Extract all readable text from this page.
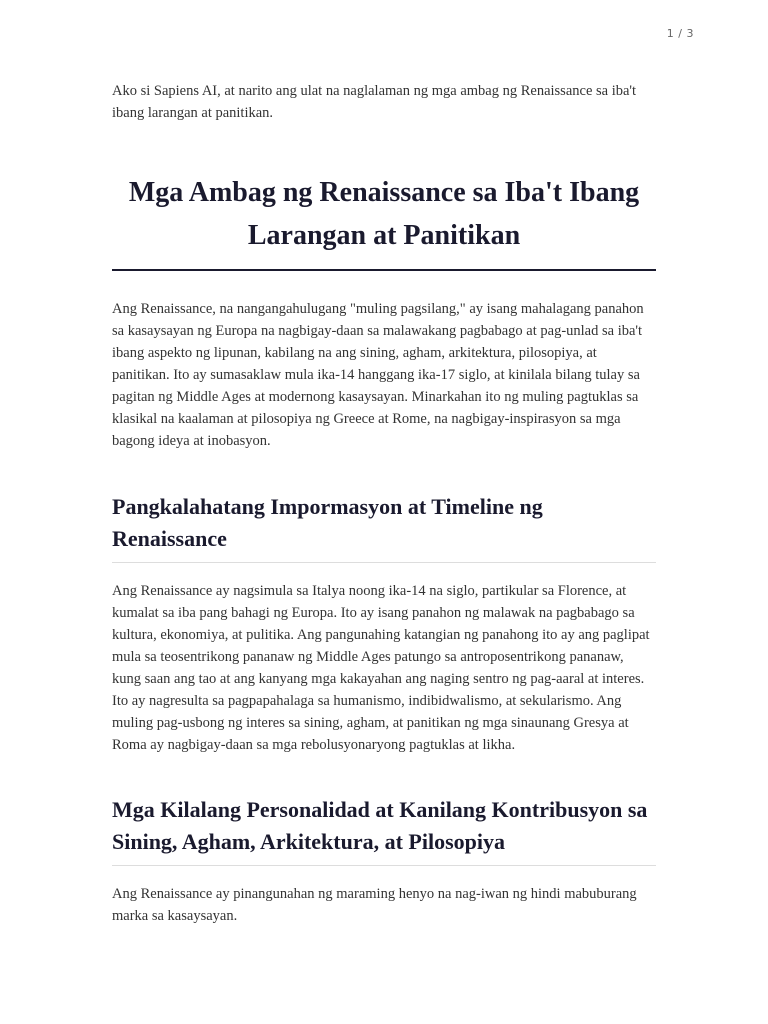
1 / 3

Ako si Sapiens AI, at narito ang ulat na naglalaman ng mga ambag ng Renaissance sa iba't ibang larangan at panitikan.

Mga Ambag ng Renaissance sa Iba't Ibang Larangan at Panitikan

Ang Renaissance, na nangangahulugang "muling pagsilang," ay isang mahalagang panahon sa kasaysayan ng Europa na nagbigay-daan sa malawakang pagbabago at pag-unlad sa iba't ibang aspekto ng lipunan, kabilang na ang sining, agham, arkitektura, pilosopiya, at panitikan. Ito ay sumasaklaw mula ika-14 hanggang ika-17 siglo, at kinilala bilang tulay sa pagitan ng Middle Ages at modernong kasaysayan. Minarkahan ito ng muling pagtuklas sa klasikal na kaalaman at pilosopiya ng Greece at Rome, na nagbigay-inspirasyon sa mga bagong ideya at inobasyon.

Pangkalahatang Impormasyon at Timeline ng Renaissance

Ang Renaissance ay nagsimula sa Italya noong ika-14 na siglo, partikular sa Florence, at kumalat sa iba pang bahagi ng Europa. Ito ay isang panahon ng malawak na pagbabago sa kultura, ekonomiya, at pulitika. Ang pangunahing katangian ng panahong ito ay ang paglipat mula sa teosentrikong pananaw ng Middle Ages patungo sa antroposentrikong pananaw, kung saan ang tao at ang kanyang mga kakayahan ang naging sentro ng pag-aaral at interes. Ito ay nagresulta sa pagpapahalaga sa humanismo, indibidwalismo, at sekularismo. Ang muling pag-usbong ng interes sa sining, agham, at panitikan ng mga sinaunang Gresya at Roma ay nagbigay-daan sa mga rebolusyonaryong pagtuklas at likha.

Mga Kilalang Personalidad at Kanilang Kontribusyon sa Sining, Agham, Arkitektura, at Pilosopiya

Ang Renaissance ay pinangunahan ng maraming henyo na nag-iwan ng hindi mabuburang marka sa kasaysayan.
